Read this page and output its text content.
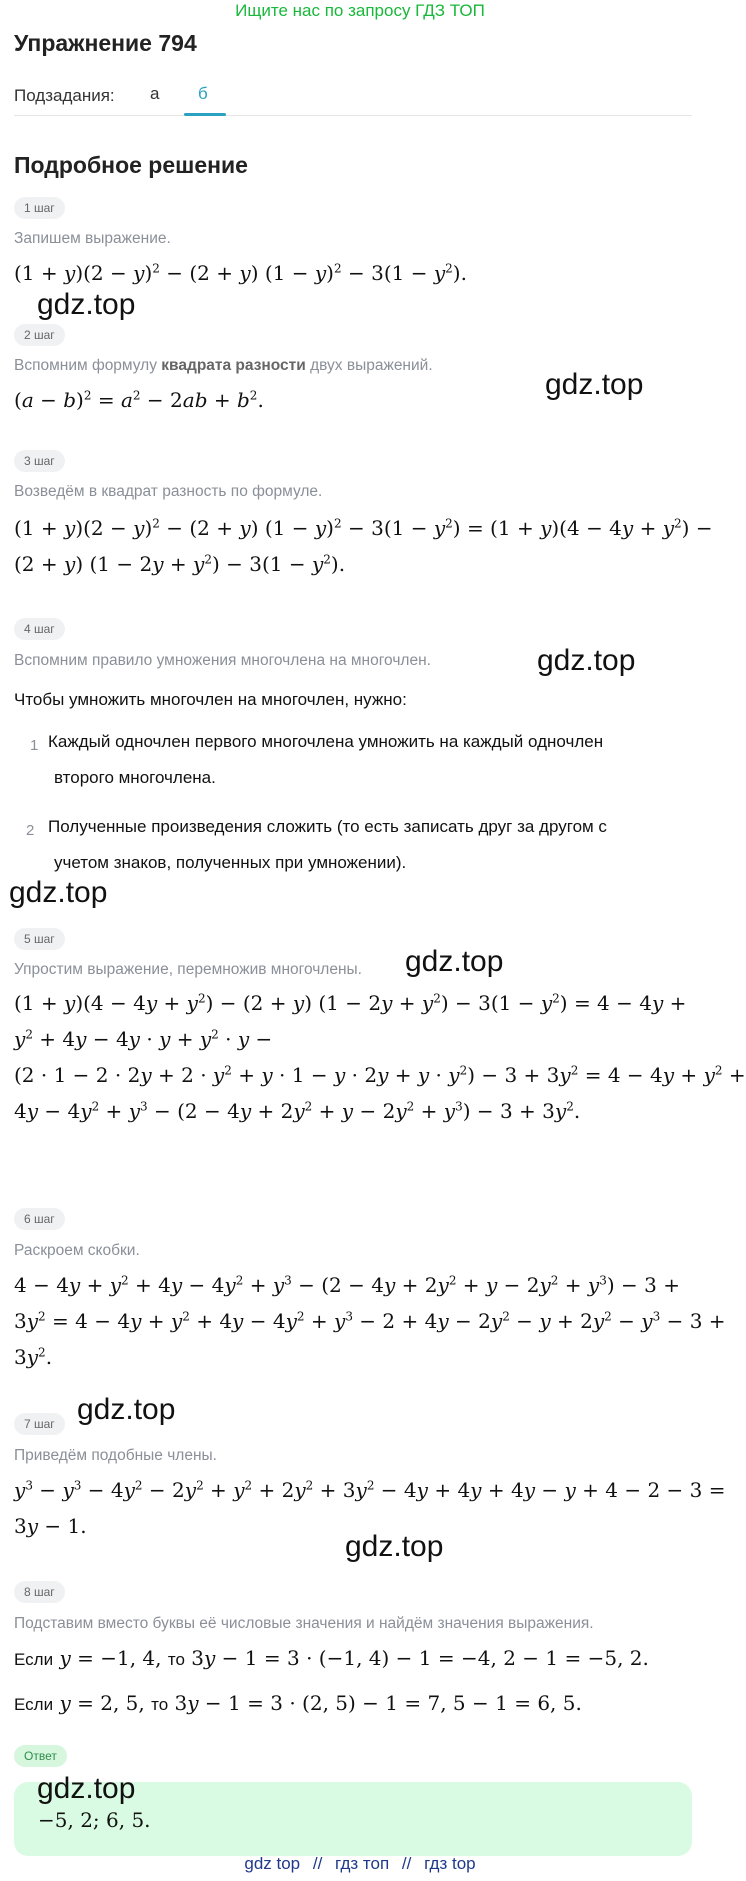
Ищите нас по запросу ГДЗ ТОП
Упражнение 794
Подзадания: а б
Подробное решение
1 шаг
Запишем выражение.
$(1 + y)(2 - y)^2 - (2 + y)$ $(1 - y)^2 - 3(1 - y^2)$.
gdz.top
2 шаг
Вспомним формулу квадрата разности двух выражений.
gdz.top
$(a - b)^2 = a^2 - 2ab + b^2$.
3 шаг
Возведём в квадрат разность по формуле.
$(1 + y)(2 - y)^2 - (2 + y)$ $(1 - y)^2 - 3(1 - y^2) = (1 + y)(4 - 4y + y^2)$ −
(2 + y) $(1 - 2y + y^2) - 3(1 - y^2)$.
4 шаг
Вспомним правило умножения многочлена на многочлен.	gdz.top
Чтобы умножить многочлен на многочлен, нужно:
1 Каждый одночлен первого многочлена умножить на каждый одночлен
второго многочлена.
2 Полученные произведения сложить (то есть записать друг за другом с
учетом знаков, полученных при умножении).
gdz.top
5 шаг
gdz.top
Упростим выражение, перемножив многочлены.
$(1 + y)(4 - 4y + y^2) - (2 + y)$ $(1 - 2y + y^2) - 3(1 - y^2) = 4 - 4y$ +
$y^2 + 4y - 4y \cdot y + y^2 \cdot y$ −
$(2 \cdot 1 - 2 \cdot 2y + 2 \cdot y^2 + y \cdot 1 - y \cdot 2y + y \cdot y^2) - 3 + 3y^2 = 4 - 4y + y^2$ +
$4y - 4y^2 + y^3 - (2 - 4y + 2y^2 + y - 2y^2 + y^3) - 3 + 3y^2$.
6 шаг
Раскроем скобки.
$4 - 4y + y^2 + 4y - 4y^2 + y^3 - (2 - 4y + 2y^2 + y - 2y^2 + y^3) - 3$ +
$3y^2 = 4 - 4y + y^2 + 4y - 4y^2 + y^3 - 2 + 4y - 2y^2 - y + 2y^2 - y^3 - 3$ +
$3y^2$.
7 шаг gdz.top
Приведём подобные члены.
$y^3 - y^3 - 4y^2 - 2y^2 + y^2 + 2y^2 + 3y^2 - 4y + 4y + 4y - y + 4 - 2 - 3$ =
3y − 1.
gdz.top
8 шаг
Подставим вместо буквы её числовые значения и найдём значения выражения.
Если y = −1, 4, то 3y − 1 = 3 · (−1, 4) − 1 = −4, 2 − 1 = −5, 2.
Если y = 2, 5, то 3y − 1 = 3 · (2, 5) − 1 = 7, 5 − 1 = 6, 5.
Ответ
gdz.top
−5, 2; 6, 5.
gdz top // гдз топ // гдз top
